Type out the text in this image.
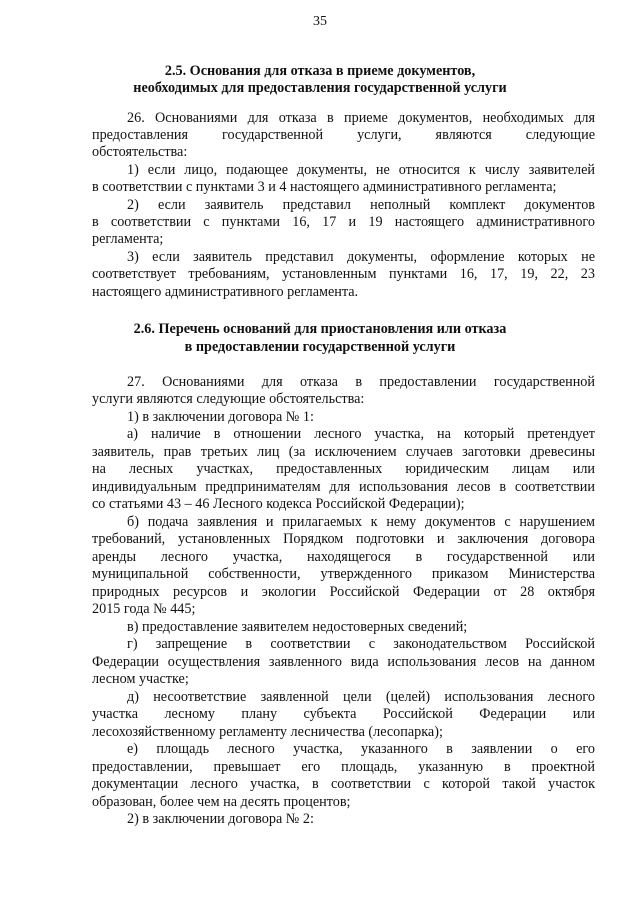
35
2.5. Основания для отказа в приеме документов,
необходимых для предоставления государственной услуги
26. Основаниями для отказа в приеме документов, необходимых для
предоставления государственной услуги, являются следующие
обстоятельства:
1) если лицо, подающее документы, не относится к числу заявителей
в соответствии с пунктами 3 и 4 настоящего административного регламента;
2) если заявитель представил неполный комплект документов
в соответствии с пунктами 16, 17 и 19 настоящего административного
регламента;
3) если заявитель представил документы, оформление которых не
соответствует требованиям, установленным пунктами 16, 17, 19, 22, 23
настоящего административного регламента.
2.6. Перечень оснований для приостановления или отказа
в предоставлении государственной услуги
27. Основаниями для отказа в предоставлении государственной
услуги являются следующие обстоятельства:
1) в заключении договора № 1:
а) наличие в отношении лесного участка, на который претендует
заявитель, прав третьих лиц (за исключением случаев заготовки древесины
на лесных участках, предоставленных юридическим лицам или
индивидуальным предпринимателям для использования лесов в соответствии
со статьями 43 – 46 Лесного кодекса Российской Федерации);
б) подача заявления и прилагаемых к нему документов с нарушением
требований, установленных Порядком подготовки и заключения договора
аренды лесного участка, находящегося в государственной или
муниципальной собственности, утвержденного приказом Министерства
природных ресурсов и экологии Российской Федерации от 28 октября
2015 года № 445;
в) предоставление заявителем недостоверных сведений;
г) запрещение в соответствии с законодательством Российской
Федерации осуществления заявленного вида использования лесов на данном
лесном участке;
д) несоответствие заявленной цели (целей) использования лесного
участка лесному плану субъекта Российской Федерации или
лесохозяйственному регламенту лесничества (лесопарка);
е) площадь лесного участка, указанного в заявлении о его
предоставлении, превышает его площадь, указанную в проектной
документации лесного участка, в соответствии с которой такой участок
образован, более чем на десять процентов;
2) в заключении договора № 2:
